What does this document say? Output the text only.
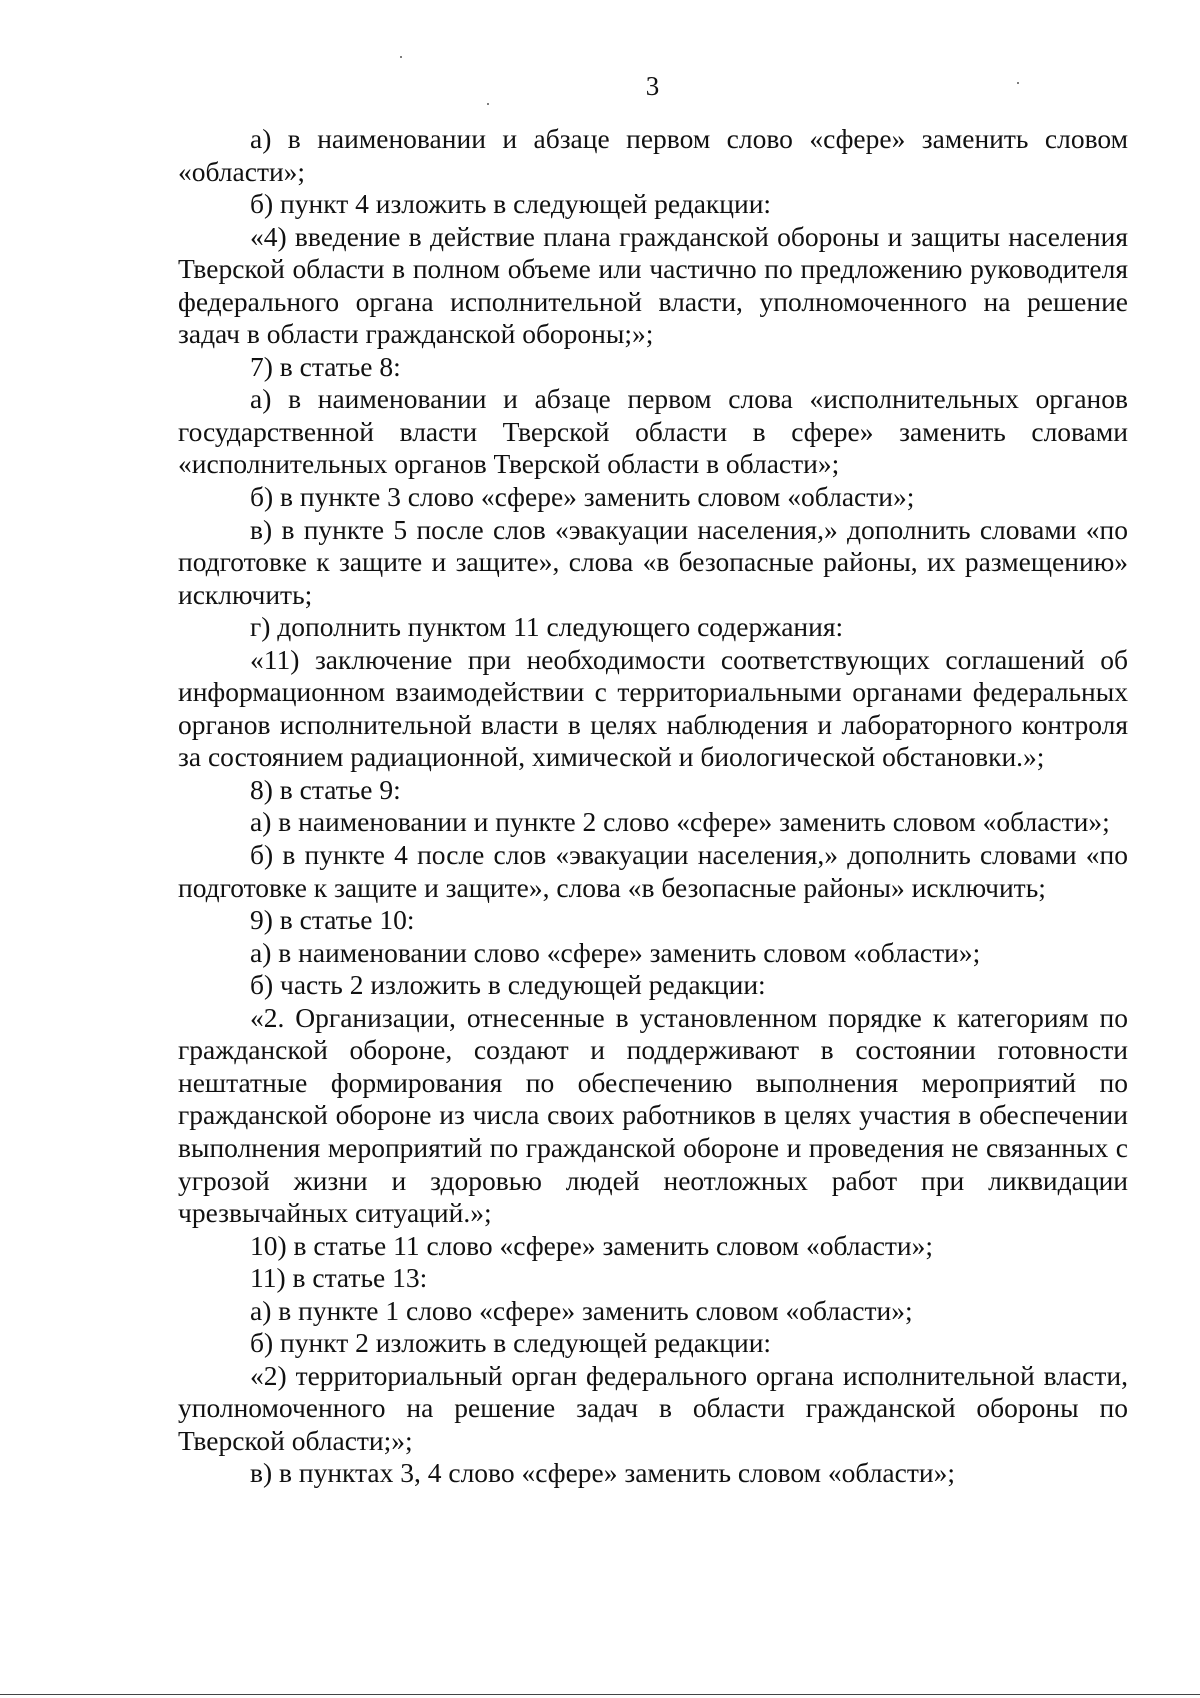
3

а) в наименовании и абзаце первом слово «сфере» заменить словом «области»;

б) пункт 4 изложить в следующей редакции:

«4) введение в действие плана гражданской обороны и защиты населения Тверской области в полном объеме или частично по предложению руководителя федерального органа исполнительной власти, уполномоченного на решение задач в области гражданской обороны;»;

7) в статье 8:

а) в наименовании и абзаце первом слова «исполнительных органов государственной власти Тверской области в сфере» заменить словами «исполнительных органов Тверской области в области»;

б) в пункте 3 слово «сфере» заменить словом «области»;

в) в пункте 5 после слов «эвакуации населения,» дополнить словами «по подготовке к защите и защите», слова «в безопасные районы, их размещению» исключить;

г) дополнить пунктом 11 следующего содержания:

«11) заключение при необходимости соответствующих соглашений об информационном взаимодействии с территориальными органами федеральных органов исполнительной власти в целях наблюдения и лабораторного контроля за состоянием радиационной, химической и биологической обстановки.»;

8) в статье 9:

а) в наименовании и пункте 2 слово «сфере» заменить словом «области»;

б) в пункте 4 после слов «эвакуации населения,» дополнить словами «по подготовке к защите и защите», слова «в безопасные районы» исключить;

9) в статье 10:

а) в наименовании слово «сфере» заменить словом «области»;

б) часть 2 изложить в следующей редакции:

«2. Организации, отнесенные в установленном порядке к категориям по гражданской обороне, создают и поддерживают в состоянии готовности нештатные формирования по обеспечению выполнения мероприятий по гражданской обороне из числа своих работников в целях участия в обеспечении выполнения мероприятий по гражданской обороне и проведения не связанных с угрозой жизни и здоровью людей неотложных работ при ликвидации чрезвычайных ситуаций.»;

10) в статье 11 слово «сфере» заменить словом «области»;

11) в статье 13:

а) в пункте 1 слово «сфере» заменить словом «области»;

б) пункт 2 изложить в следующей редакции:

«2) территориальный орган федерального органа исполнительной власти, уполномоченного на решение задач в области гражданской обороны по Тверской области;»;

в) в пунктах 3, 4 слово «сфере» заменить словом «области»;
